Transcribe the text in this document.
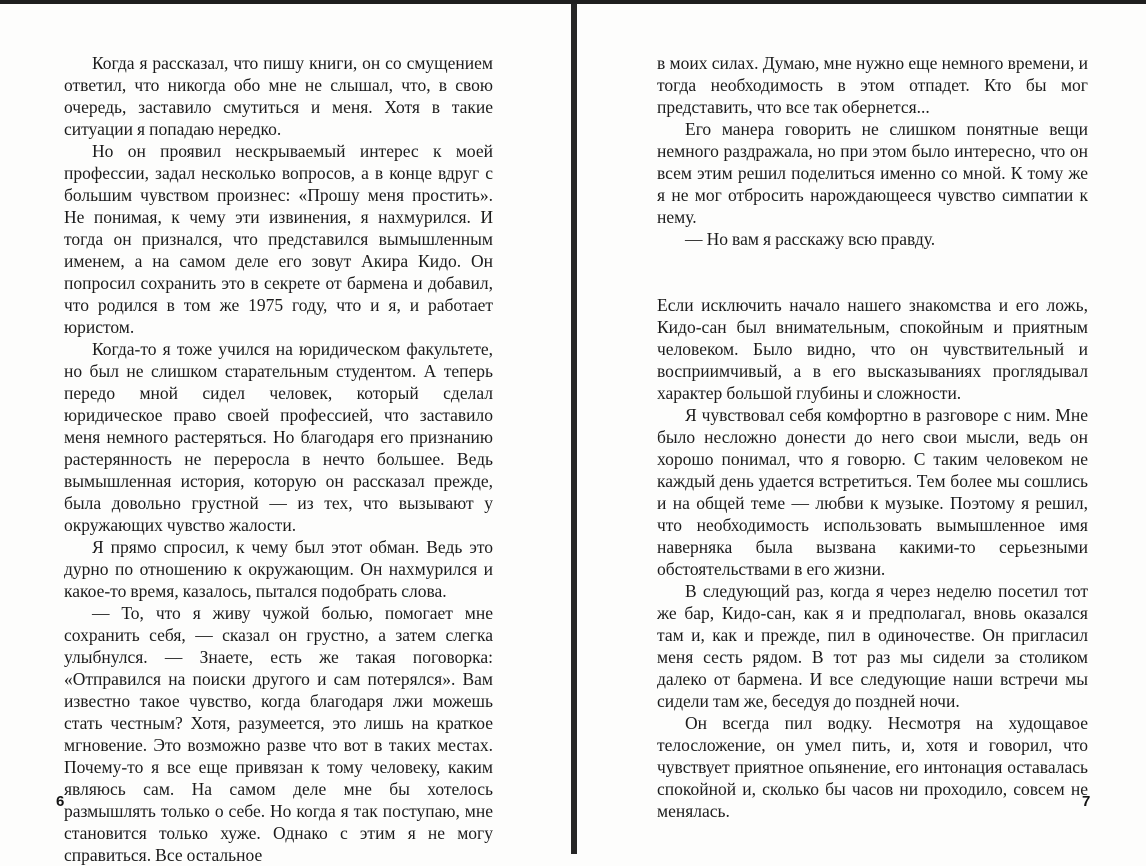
Когда я рассказал, что пишу книги, он со смущением ответил, что никогда обо мне не слышал, что, в свою очередь, заставило смутиться и меня. Хотя в такие ситуации я попадаю нередко.

Но он проявил нескрываемый интерес к моей профессии, задал несколько вопросов, а в конце вдруг с большим чувством произнес: «Прошу меня простить». Не понимая, к чему эти извинения, я нахмурился. И тогда он признался, что представился вымышленным именем, а на самом деле его зовут Акира Кидо. Он попросил сохранить это в секрете от бармена и добавил, что родился в том же 1975 году, что и я, и работает юристом.

Когда-то я тоже учился на юридическом факультете, но был не слишком старательным студентом. А теперь передо мной сидел человек, который сделал юридическое право своей профессией, что заставило меня немного растеряться. Но благодаря его признанию растерянность не переросла в нечто большее. Ведь вымышленная история, которую он рассказал прежде, была довольно грустной — из тех, что вызывают у окружающих чувство жалости.

Я прямо спросил, к чему был этот обман. Ведь это дурно по отношению к окружающим. Он нахмурился и какое-то время, казалось, пытался подобрать слова.

— То, что я живу чужой болью, помогает мне сохранить себя, — сказал он грустно, а затем слегка улыбнулся. — Знаете, есть же такая поговорка: «Отправился на поиски другого и сам потерялся». Вам известно такое чувство, когда благодаря лжи можешь стать честным? Хотя, разумеется, это лишь на краткое мгновение. Это возможно разве что вот в таких местах. Почему-то я все еще привязан к тому человеку, каким являюсь сам. На самом деле мне бы хотелось размышлять только о себе. Но когда я так поступаю, мне становится только хуже. Однако с этим я не могу справиться. Все остальное

6

в моих силах. Думаю, мне нужно еще немного времени, и тогда необходимость в этом отпадет. Кто бы мог представить, что все так обернется...

Его манера говорить не слишком понятные вещи немного раздражала, но при этом было интересно, что он всем этим решил поделиться именно со мной. К тому же я не мог отбросить нарождающееся чувство симпатии к нему.

— Но вам я расскажу всю правду.

Если исключить начало нашего знакомства и его ложь, Кидо-сан был внимательным, спокойным и приятным человеком. Было видно, что он чувствительный и восприимчивый, а в его высказываниях проглядывал характер большой глубины и сложности.

Я чувствовал себя комфортно в разговоре с ним. Мне было несложно донести до него свои мысли, ведь он хорошо понимал, что я говорю. С таким человеком не каждый день удается встретиться. Тем более мы сошлись и на общей теме — любви к музыке. Поэтому я решил, что необходимость использовать вымышленное имя наверняка была вызвана какими-то серьезными обстоятельствами в его жизни.

В следующий раз, когда я через неделю посетил тот же бар, Кидо-сан, как я и предполагал, вновь оказался там и, как и прежде, пил в одиночестве. Он пригласил меня сесть рядом. В тот раз мы сидели за столиком далеко от бармена. И все следующие наши встречи мы сидели там же, беседуя до поздней ночи.

Он всегда пил водку. Несмотря на худощавое телосложение, он умел пить, и, хотя и говорил, что чувствует приятное опьянение, его интонация оставалась спокойной и, сколько бы часов ни проходило, совсем не менялась.	7
